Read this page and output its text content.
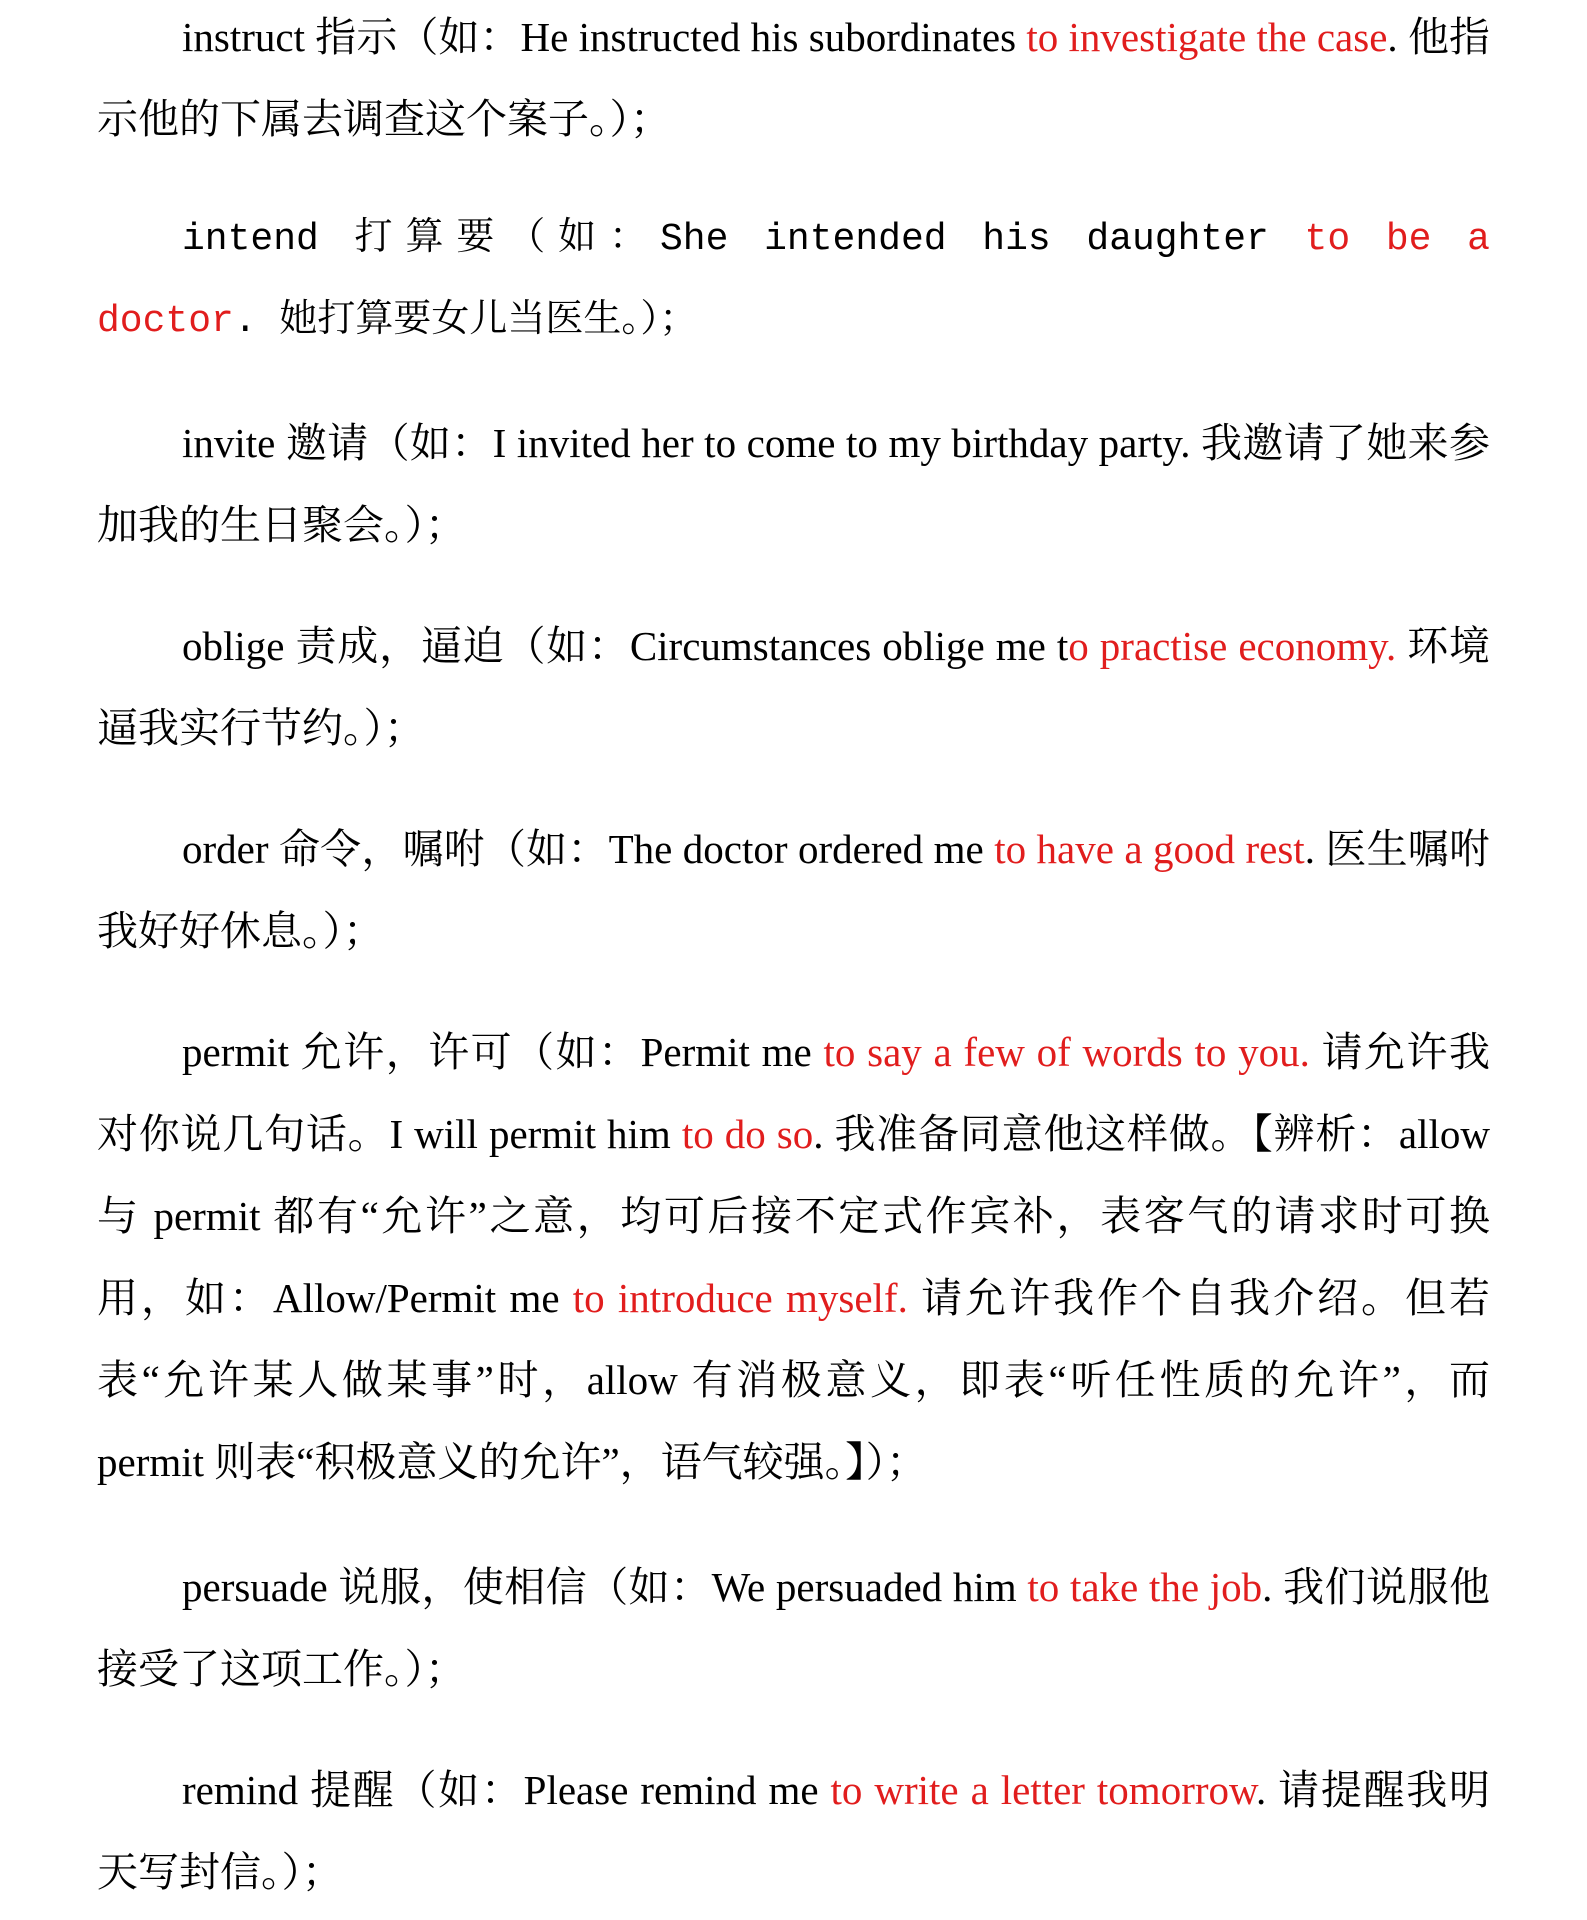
instruct 指示（如：He instructed his subordinates to investigate the case. 他指示他的下属去调查这个案子。）；

intend 打算要（如：She intended his daughter to be a doctor. 她打算要女儿当医生。）；

invite 邀请（如：I invited her to come to my birthday party. 我邀请了她来参加我的生日聚会。）；

oblige 责成，逼迫（如：Circumstances oblige me to practise economy. 环境逼我实行节约。）；

order 命令，嘱咐（如：The doctor ordered me to have a good rest. 医生嘱咐我好好休息。）；

permit 允许，许可（如：Permit me to say a few of words to you. 请允许我对你说几句话。I will permit him to do so. 我准备同意他这样做。【辨析：allow 与 permit 都有“允许”之意，均可后接不定式作宾补，表客气的请求时可换用，如：Allow/Permit me to introduce myself. 请允许我作个自我介绍。但若表“允许某人做某事”时，allow 有消极意义，即表“听任性质的允许”，而 permit 则表“积极意义的允许”，语气较强。】）；

persuade 说服，使相信（如：We persuaded him to take the job. 我们说服他接受了这项工作。）；

remind 提醒（如：Please remind me to write a letter tomorrow. 请提醒我明天写封信。）；
